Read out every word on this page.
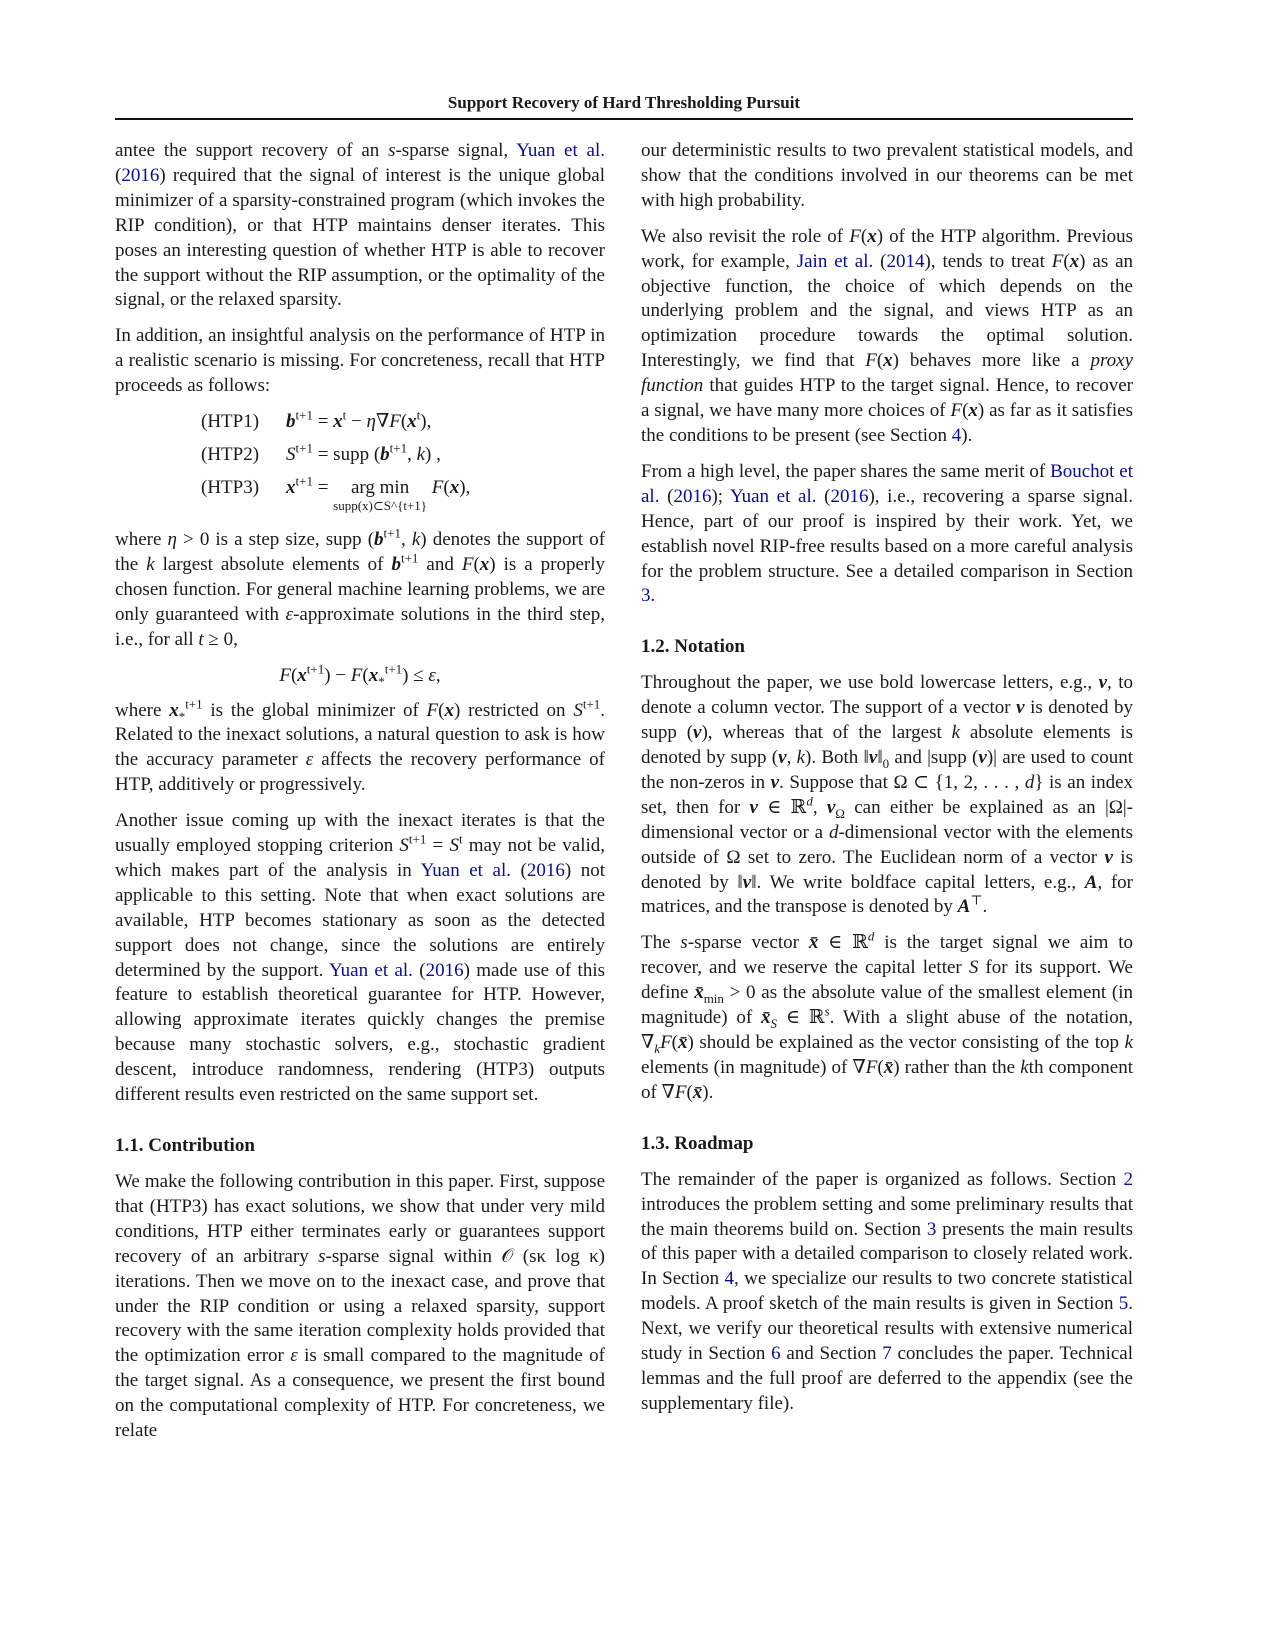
Support Recovery of Hard Thresholding Pursuit

antee the support recovery of an s-sparse signal, Yuan et al. (2016) required that the signal of interest is the unique global minimizer of a sparsity-constrained program (which invokes the RIP condition), or that HTP maintains denser iterates. This poses an interesting question of whether HTP is able to recover the support without the RIP assumption, or the optimality of the signal, or the relaxed sparsity.

In addition, an insightful analysis on the performance of HTP in a realistic scenario is missing. For concreteness, recall that HTP proceeds as follows:

(HTP1)	$b^{t+1} = x^t - \eta\nabla F(x^t)$,
(HTP2)	$S^{t+1}$ = supp ($b^{t+1}$, k) ,
(HTP3)	$x^{t+1}$ = arg min
supp(x)⊂S^{t+1}
F(x),

where η > 0 is a step size, supp ($b^{t+1}$, k) denotes the support of the k largest absolute elements of $b^{t+1}$ and F(x) is a properly chosen function. For general machine learning problems, we are only guaranteed with ε-approximate solutions in the third step, i.e., for all t ≥ 0,

$F(x^{t+1}) - F(x_*^{t+1}) \le \varepsilon$,

where $x_*^{t+1}$ is the global minimizer of F(x) restricted on $S^{t+1}$. Related to the inexact solutions, a natural question to ask is how the accuracy parameter ε affects the recovery performance of HTP, additively or progressively.

Another issue coming up with the inexact iterates is that the usually employed stopping criterion $S^{t+1} = S^t$ may not be valid, which makes part of the analysis in Yuan et al. (2016) not applicable to this setting. Note that when exact solutions are available, HTP becomes stationary as soon as the detected support does not change, since the solutions are entirely determined by the support. Yuan et al. (2016) made use of this feature to establish theoretical guarantee for HTP. However, allowing approximate iterates quickly changes the premise because many stochastic solvers, e.g., stochastic gradient descent, introduce randomness, rendering (HTP3) outputs different results even restricted on the same support set.

1.1. Contribution

We make the following contribution in this paper. First, suppose that (HTP3) has exact solutions, we show that under very mild conditions, HTP either terminates early or guarantees support recovery of an arbitrary s-sparse signal within 𝒪 (sκ log κ) iterations. Then we move on to the inexact case, and prove that under the RIP condition or using a relaxed sparsity, support recovery with the same iteration complexity holds provided that the optimization error ε is small compared to the magnitude of the target signal. As a consequence, we present the first bound on the computational complexity of HTP. For concreteness, we relate

our deterministic results to two prevalent statistical models, and show that the conditions involved in our theorems can be met with high probability.

We also revisit the role of F(x) of the HTP algorithm. Previous work, for example, Jain et al. (2014), tends to treat F(x) as an objective function, the choice of which depends on the underlying problem and the signal, and views HTP as an optimization procedure towards the optimal solution. Interestingly, we find that F(x) behaves more like a proxy function that guides HTP to the target signal. Hence, to recover a signal, we have many more choices of F(x) as far as it satisfies the conditions to be present (see Section 4).

From a high level, the paper shares the same merit of Bouchot et al. (2016); Yuan et al. (2016), i.e., recovering a sparse signal. Hence, part of our proof is inspired by their work. Yet, we establish novel RIP-free results based on a more careful analysis for the problem structure. See a detailed comparison in Section 3.

1.2. Notation

Throughout the paper, we use bold lowercase letters, e.g., v, to denote a column vector. The support of a vector v is denoted by supp (v), whereas that of the largest k absolute elements is denoted by supp (v, k). Both $‖v‖_0$ and |supp (v)| are used to count the non-zeros in v. Suppose that Ω ⊂ {1, 2, . . . , d} is an index set, then for v ∈ ℝ$^d$, $v_\Omega$ can either be explained as an |Ω|-dimensional vector or a d-dimensional vector with the elements outside of Ω set to zero. The Euclidean norm of a vector v is denoted by ‖v‖. We write boldface capital letters, e.g., A, for matrices, and the transpose is denoted by A⊤.

The s-sparse vector x̄ ∈ ℝ$^d$ is the target signal we aim to recover, and we reserve the capital letter S for its support. We define $x̄_{min} > 0$ as the absolute value of the smallest element (in magnitude) of $x̄_S$ ∈ ℝ$^s$. With a slight abuse of the notation, $\nabla_kF(x̄)$ should be explained as the vector consisting of the top k elements (in magnitude) of ∇F(x̄) rather than the kth component of ∇F(x̄).

1.3. Roadmap

The remainder of the paper is organized as follows. Section 2 introduces the problem setting and some preliminary results that the main theorems build on. Section 3 presents the main results of this paper with a detailed comparison to closely related work. In Section 4, we specialize our results to two concrete statistical models. A proof sketch of the main results is given in Section 5. Next, we verify our theoretical results with extensive numerical study in Section 6 and Section 7 concludes the paper. Technical lemmas and the full proof are deferred to the appendix (see the supplementary file).
